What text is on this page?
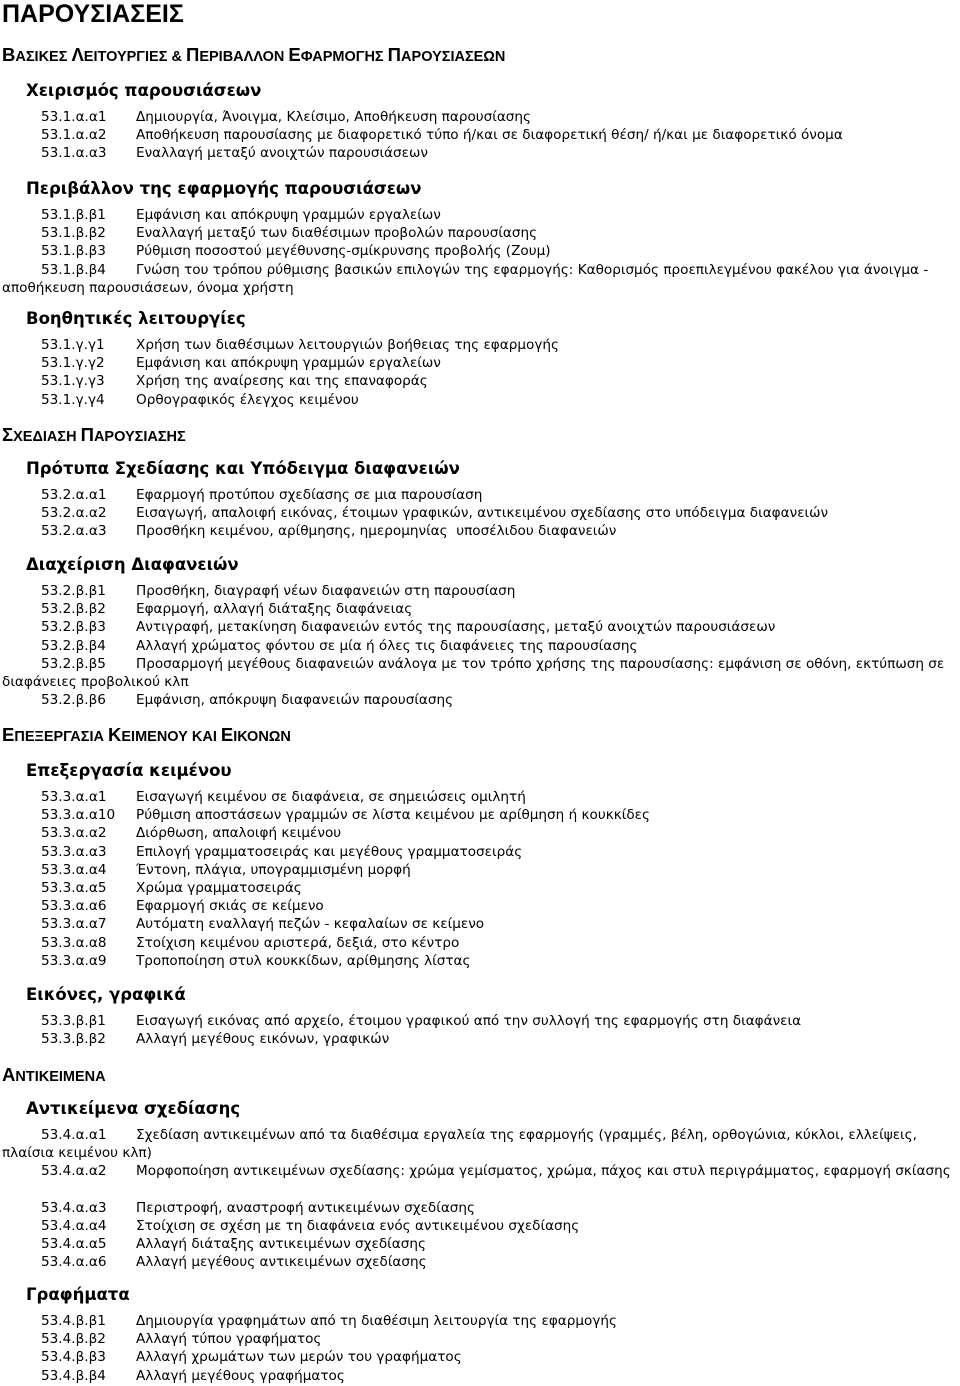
ΠΑΡΟΥΣΙΑΣΕΙΣ
ΒΑΣΙΚΕΣ ΛΕΙΤΟΥΡΓΙΕΣ & ΠΕΡΙΒΑΛΛΟΝ ΕΦΑΡΜΟΓΗΣ ΠΑΡΟΥΣΙΑΣΕΩΝ
Χειρισμός παρουσιάσεων
53.1.α.α1 Δημιουργία, Άνοιγμα, Κλείσιμο, Αποθήκευση παρουσίασης
53.1.α.α2 Αποθήκευση παρουσίασης με διαφορετικό τύπο ή/και σε διαφορετική θέση/ ή/και με διαφορετικό όνομα
53.1.α.α3 Εναλλαγή μεταξύ ανοιχτών παρουσιάσεων
Περιβάλλον της εφαρμογής παρουσιάσεων
53.1.β.β1 Εμφάνιση και απόκρυψη γραμμών εργαλείων
53.1.β.β2 Εναλλαγή μεταξύ των διαθέσιμων προβολών παρουσίασης
53.1.β.β3 Ρύθμιση ποσοστού μεγέθυνσης-σμίκρυνσης προβολής (Ζουμ)
53.1.β.β4 Γνώση του τρόπου ρύθμισης βασικών επιλογών της εφαρμογής: Καθορισμός προεπιλεγμένου φακέλου για άνοιγμα - αποθήκευση παρουσιάσεων, όνομα χρήστη
Βοηθητικές λειτουργίες
53.1.γ.γ1 Χρήση των διαθέσιμων λειτουργιών βοήθειας της εφαρμογής
53.1.γ.γ2 Εμφάνιση και απόκρυψη γραμμών εργαλείων
53.1.γ.γ3 Χρήση της αναίρεσης και της επαναφοράς
53.1.γ.γ4 Ορθογραφικός έλεγχος κειμένου
ΣΧΕΔΙΑΣΗ ΠΑΡΟΥΣΙΑΣΗΣ
Πρότυπα Σχεδίασης και Υπόδειγμα διαφανειών
53.2.α.α1 Εφαρμογή προτύπου σχεδίασης σε μια παρουσίαση
53.2.α.α2 Εισαγωγή, απαλοιφή εικόνας, έτοιμων γραφικών, αντικειμένου σχεδίασης στο υπόδειγμα διαφανειών
53.2.α.α3 Προσθήκη κειμένου, αρίθμησης, ημερομηνίας  υποσέλιδου διαφανειών
Διαχείριση Διαφανειών
53.2.β.β1 Προσθήκη, διαγραφή νέων διαφανειών στη παρουσίαση
53.2.β.β2 Εφαρμογή, αλλαγή διάταξης διαφάνειας
53.2.β.β3 Αντιγραφή, μετακίνηση διαφανειών εντός της παρουσίασης, μεταξύ ανοιχτών παρουσιάσεων
53.2.β.β4 Αλλαγή χρώματος φόντου σε μία ή όλες τις διαφάνειες της παρουσίασης
53.2.β.β5 Προσαρμογή μεγέθους διαφανειών ανάλογα με τον τρόπο χρήσης της παρουσίασης: εμφάνιση σε οθόνη, εκτύπωση σε διαφάνειες προβολικού κλπ
53.2.β.β6 Εμφάνιση, απόκρυψη διαφανειών παρουσίασης
ΕΠΕΞΕΡΓΑΣΙΑ ΚΕΙΜΕΝΟΥ ΚΑΙ ΕΙΚΟΝΩΝ
Επεξεργασία κειμένου
53.3.α.α1 Εισαγωγή κειμένου σε διαφάνεια, σε σημειώσεις ομιλητή
53.3.α.α10 Ρύθμιση αποστάσεων γραμμών σε λίστα κειμένου με αρίθμηση ή κουκκίδες
53.3.α.α2 Διόρθωση, απαλοιφή κειμένου
53.3.α.α3 Επιλογή γραμματοσειράς και μεγέθους γραμματοσειράς
53.3.α.α4 Έντονη, πλάγια, υπογραμμισμένη μορφή
53.3.α.α5 Χρώμα γραμματοσειράς
53.3.α.α6 Εφαρμογή σκιάς σε κείμενο
53.3.α.α7 Αυτόματη εναλλαγή πεζών - κεφαλαίων σε κείμενο
53.3.α.α8 Στοίχιση κειμένου αριστερά, δεξιά, στο κέντρο
53.3.α.α9 Τροποποίηση στυλ κουκκίδων, αρίθμησης λίστας
Εικόνες, γραφικά
53.3.β.β1 Εισαγωγή εικόνας από αρχείο, έτοιμου γραφικού από την συλλογή της εφαρμογής στη διαφάνεια
53.3.β.β2 Αλλαγή μεγέθους εικόνων, γραφικών
ΑΝΤΙΚΕΙΜΕΝΑ
Αντικείμενα σχεδίασης
53.4.α.α1 Σχεδίαση αντικειμένων από τα διαθέσιμα εργαλεία της εφαρμογής (γραμμές, βέλη, ορθογώνια, κύκλοι, ελλείψεις, πλαίσια κειμένου κλπ)
53.4.α.α2 Μορφοποίηση αντικειμένων σχεδίασης: χρώμα γεμίσματος, χρώμα, πάχος και στυλ περιγράμματος, εφαρμογή σκίασης
53.4.α.α3 Περιστροφή, αναστροφή αντικειμένων σχεδίασης
53.4.α.α4 Στοίχιση σε σχέση με τη διαφάνεια ενός αντικειμένου σχεδίασης
53.4.α.α5 Αλλαγή διάταξης αντικειμένων σχεδίασης
53.4.α.α6 Αλλαγή μεγέθους αντικειμένων σχεδίασης
Γραφήματα
53.4.β.β1 Δημιουργία γραφημάτων από τη διαθέσιμη λειτουργία της εφαρμογής
53.4.β.β2 Αλλαγή τύπου γραφήματος
53.4.β.β3 Αλλαγή χρωμάτων των μερών του γραφήματος
53.4.β.β4 Αλλαγή μεγέθους γραφήματος
